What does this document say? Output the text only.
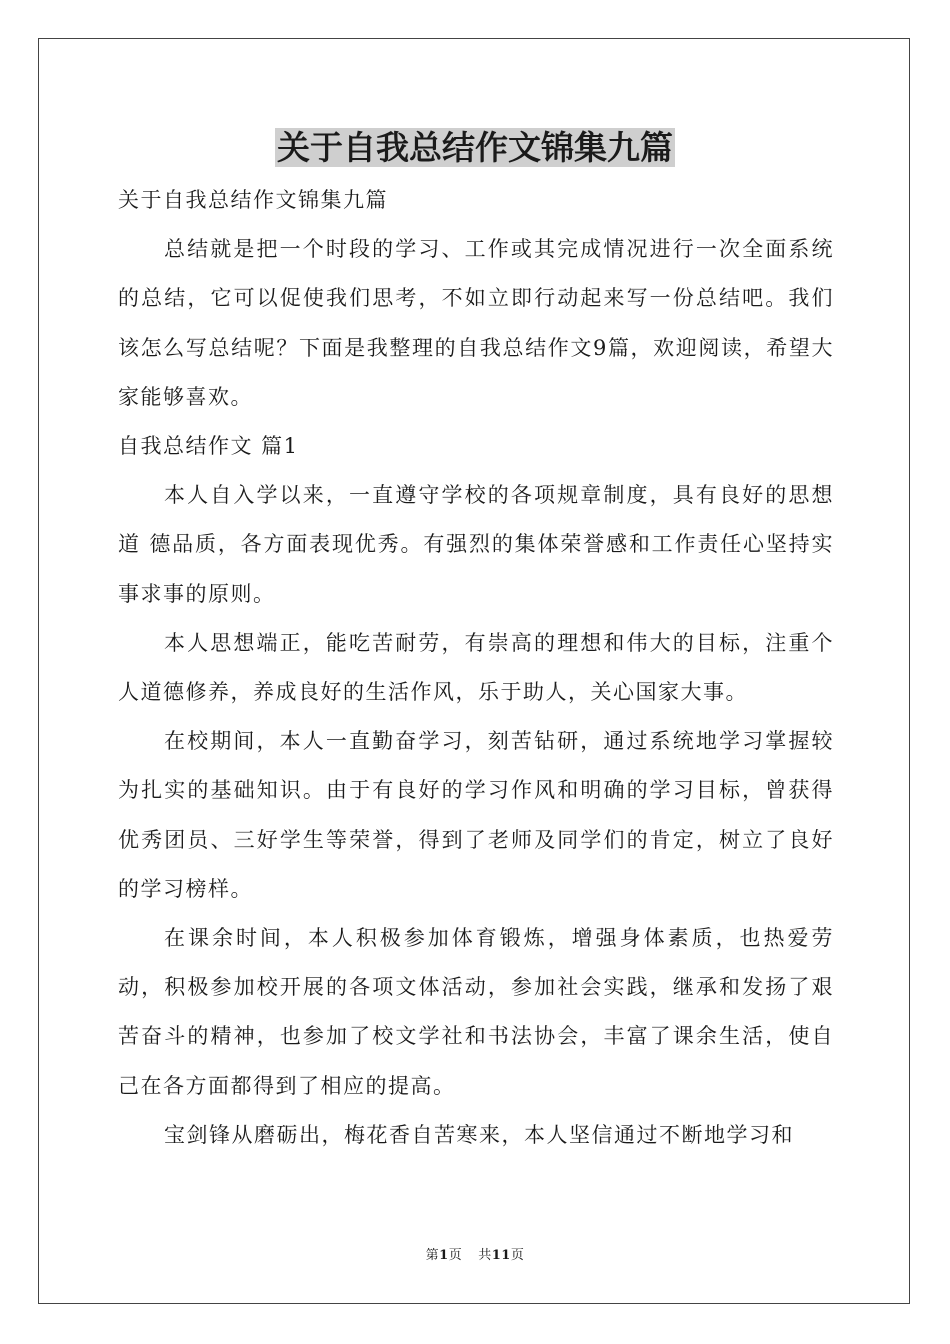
关于自我总结作文锦集九篇

关于自我总结作文锦集九篇

总结就是把一个时段的学习、工作或其完成情况进行一次全面系统的总结，它可以促使我们思考，不如立即行动起来写一份总结吧。我们该怎么写总结呢？下面是我整理的自我总结作文9篇，欢迎阅读，希望大家能够喜欢。

自我总结作文 篇1

本人自入学以来，一直遵守学校的各项规章制度，具有良好的思想道 德品质，各方面表现优秀。有强烈的集体荣誉感和工作责任心坚持实事求事的原则。

本人思想端正，能吃苦耐劳，有崇高的理想和伟大的目标，注重个人道德修养，养成良好的生活作风，乐于助人，关心国家大事。

在校期间，本人一直勤奋学习，刻苦钻研，通过系统地学习掌握较为扎实的基础知识。由于有良好的学习作风和明确的学习目标，曾获得优秀团员、三好学生等荣誉，得到了老师及同学们的肯定，树立了良好的学习榜样。

在课余时间，本人积极参加体育锻炼，增强身体素质，也热爱劳动，积极参加校开展的各项文体活动，参加社会实践，继承和发扬了艰苦奋斗的精神，也参加了校文学社和书法协会，丰富了课余生活，使自己在各方面都得到了相应的提高。

宝剑锋从磨砺出，梅花香自苦寒来，本人坚信通过不断地学习和

第1页 共11页
